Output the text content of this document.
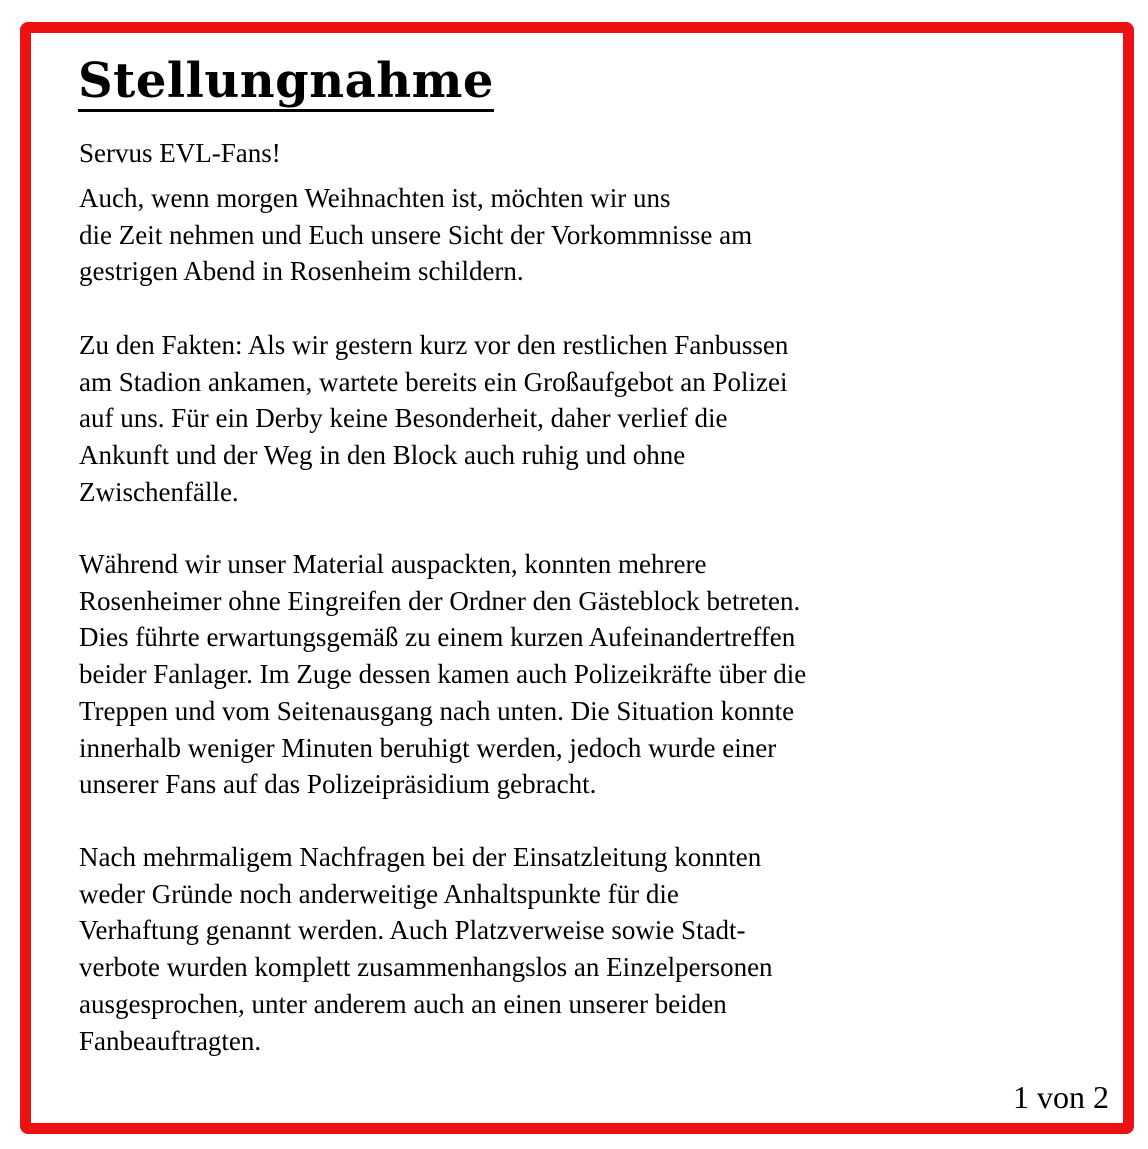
Stellungnahme

Servus EVL-Fans!

Auch, wenn morgen Weihnachten ist, möchten wir uns
die Zeit nehmen und Euch unsere Sicht der Vorkommnisse am
gestrigen Abend in Rosenheim schildern.

Zu den Fakten: Als wir gestern kurz vor den restlichen Fanbussen
am Stadion ankamen, wartete bereits ein Großaufgebot an Polizei
auf uns. Für ein Derby keine Besonderheit, daher verlief die
Ankunft und der Weg in den Block auch ruhig und ohne
Zwischenfälle.

Während wir unser Material auspackten, konnten mehrere
Rosenheimer ohne Eingreifen der Ordner den Gästeblock betreten.
Dies führte erwartungsgemäß zu einem kurzen Aufeinandertreffen
beider Fanlager. Im Zuge dessen kamen auch Polizeikräfte über die
Treppen und vom Seitenausgang nach unten. Die Situation konnte
innerhalb weniger Minuten beruhigt werden, jedoch wurde einer
unserer Fans auf das Polizeipräsidium gebracht.

Nach mehrmaligem Nachfragen bei der Einsatzleitung konnten
weder Gründe noch anderweitige Anhaltspunkte für die
Verhaftung genannt werden. Auch Platzverweise sowie Stadt-
verbote wurden komplett zusammenhangslos an Einzelpersonen
ausgesprochen, unter anderem auch an einen unserer beiden
Fanbeauftragten.

1 von 2
